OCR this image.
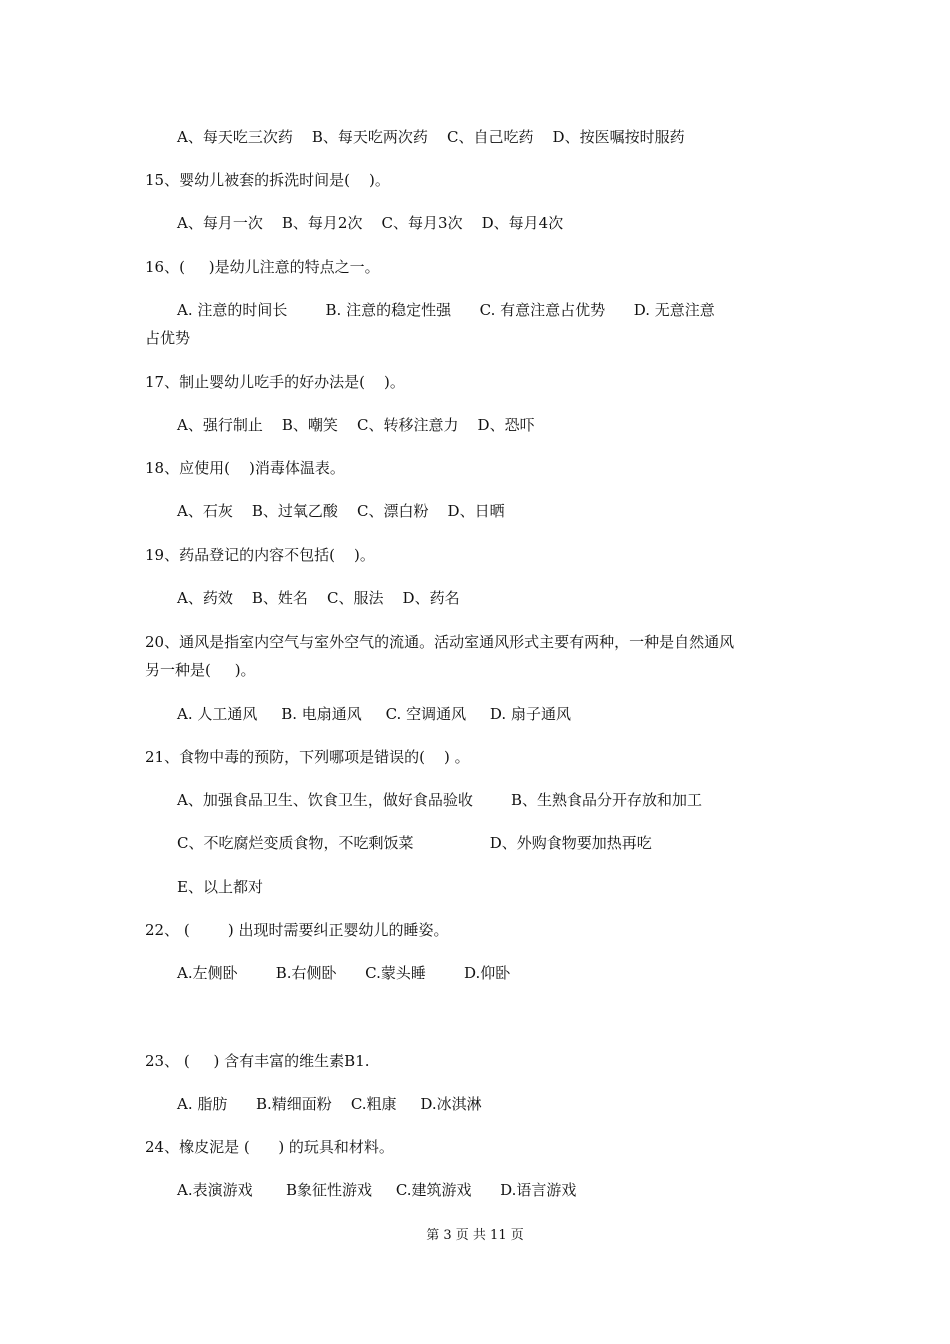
A、每天吃三次药    B、每天吃两次药    C、自己吃药    D、按医嘱按时服药
15、婴幼儿被套的拆洗时间是(    )。
A、每月一次    B、每月2次    C、每月3次    D、每月4次
16、(     )是幼儿注意的特点之一。
A. 注意的时间长        B. 注意的稳定性强      C. 有意注意占优势      D. 无意注意
占优势
17、制止婴幼儿吃手的好办法是(    )。
A、强行制止    B、嘲笑    C、转移注意力    D、恐吓
18、应使用(    )消毒体温表。
A、石灰    B、过氧乙酸    C、漂白粉    D、日晒
19、药品登记的内容不包括(    )。
A、药效    B、姓名    C、服法    D、药名
20、通风是指室内空气与室外空气的流通。活动室通风形式主要有两种，一种是自然通风
另一种是(     )。
A. 人工通风     B. 电扇通风     C. 空调通风     D. 扇子通风
21、食物中毒的预防，下列哪项是错误的(    ) 。
A、加强食品卫生、饮食卫生，做好食品验收        B、生熟食品分开存放和加工
C、不吃腐烂变质食物，不吃剩饭菜                D、外购食物要加热再吃
E、以上都对
22、 (        ) 出现时需要纠正婴幼儿的睡姿。
A.左侧卧        B.右侧卧      C.蒙头睡        D.仰卧
23、 (     ) 含有丰富的维生素B1.
A. 脂肪      B.精细面粉    C.粗康     D.冰淇淋
24、橡皮泥是 (      ) 的玩具和材料。
A.表演游戏       B象征性游戏     C.建筑游戏      D.语言游戏
第 3 页 共 11 页
